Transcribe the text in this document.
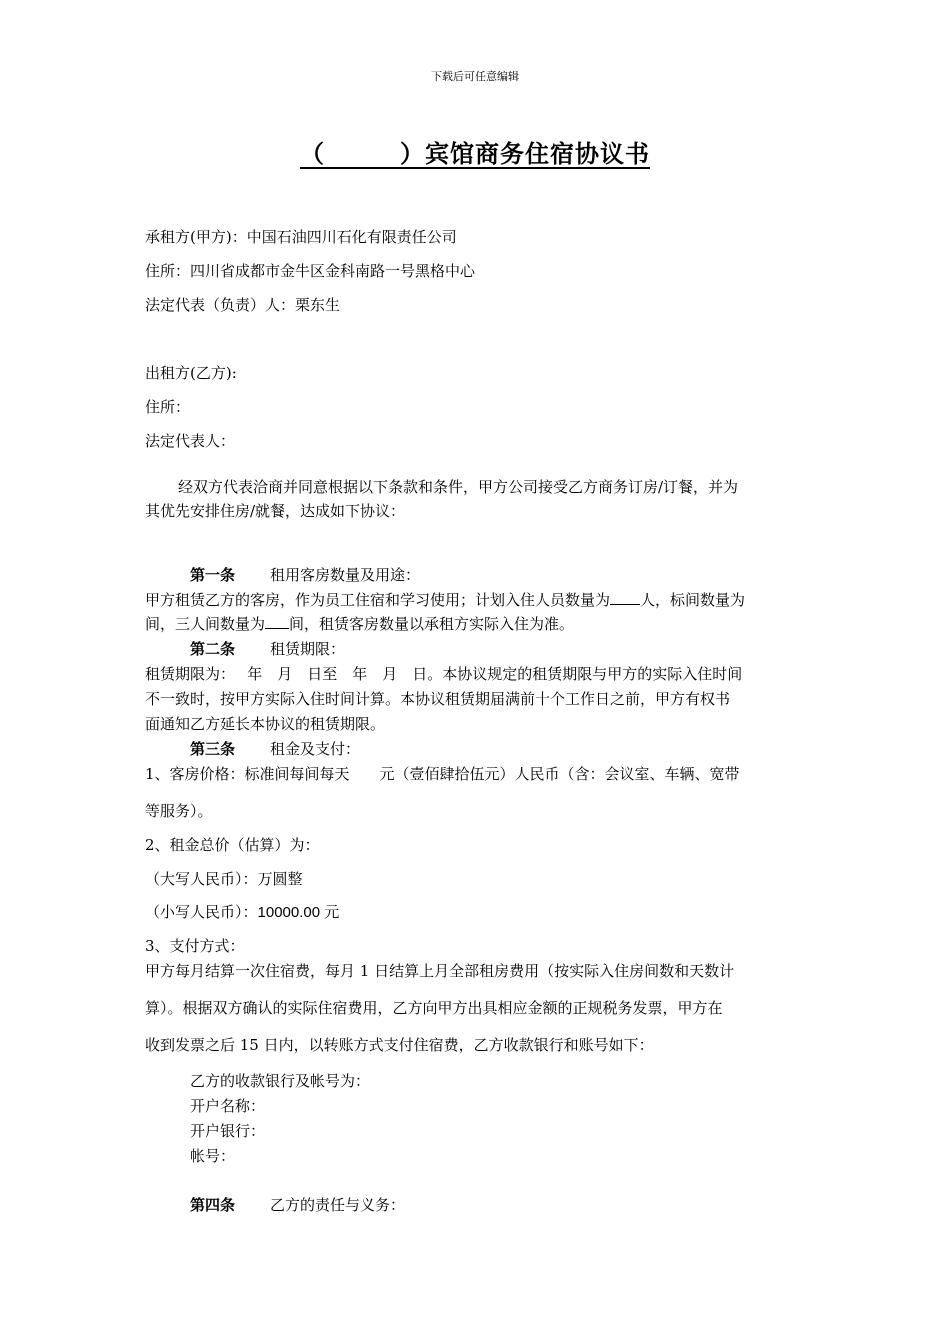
下载后可任意编辑
（　　　）宾馆商务住宿协议书
承租方(甲方)：中国石油四川石化有限责任公司
住所：四川省成都市金牛区金科南路一号黑格中心
法定代表（负责）人：栗东生
出租方(乙方):
住所：
法定代表人：
经双方代表洽商并同意根据以下条款和条件，甲方公司接受乙方商务订房/订餐，并为
其优先安排住房/就餐，达成如下协议：
第一条 租用客房数量及用途：
甲方租赁乙方的客房，作为员工住宿和学习使用；计划入住人员数量为 人，标间数量为
间，三人间数量为 间，租赁客房数量以承租方实际入住为准。
第二条 租赁期限：
租赁期限为：　 年　月　日至　年　月　日。本协议规定的租赁期限与甲方的实际入住时间
不一致时，按甲方实际入住时间计算。本协议租赁期届满前十个工作日之前，甲方有权书
面通知乙方延长本协议的租赁期限。
第三条 租金及支付：
1、客房价格：标准间每间每天　　元（壹佰肆拾伍元）人民币（含：会议室、车辆、宽带
等服务）。
2、租金总价（估算）为：
（大写人民币）：万圆整
（小写人民币）：10000.00 元
3、支付方式：
甲方每月结算一次住宿费，每月 1 日结算上月全部租房费用（按实际入住房间数和天数计
算）。根据双方确认的实际住宿费用，乙方向甲方出具相应金额的正规税务发票，甲方在
收到发票之后 15 日内，以转账方式支付住宿费，乙方收款银行和账号如下：
乙方的收款银行及帐号为：
开户名称：
开户银行：
帐号：
第四条 乙方的责任与义务：
